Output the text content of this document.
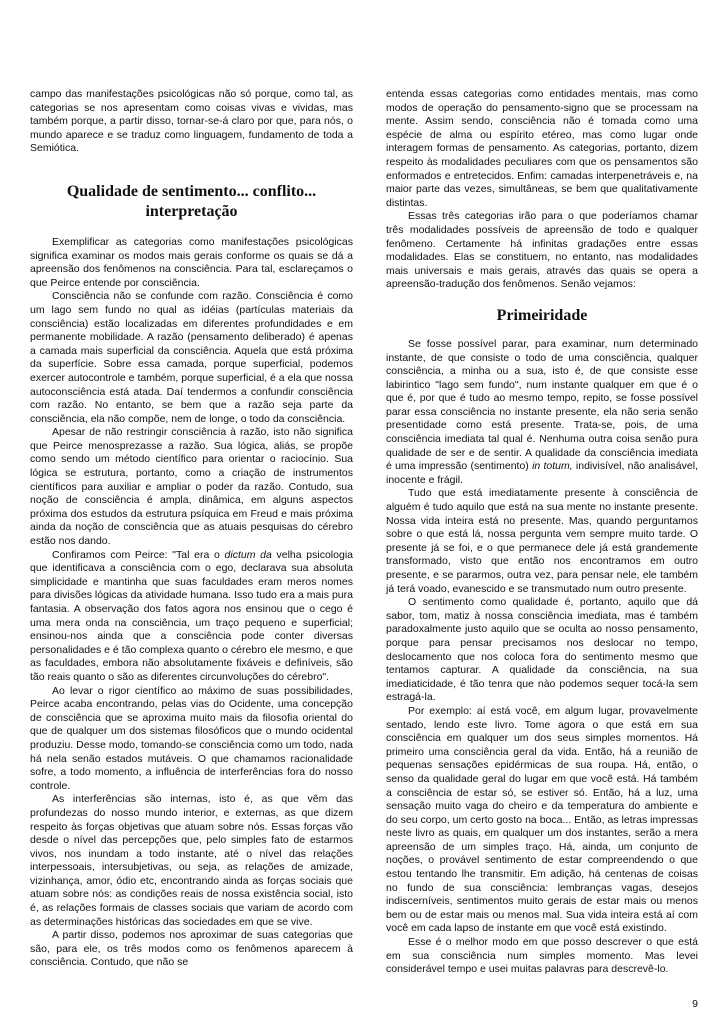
campo das manifestações psicológicas não só porque, como tal, as categorias se nos apresentam como coisas vivas e vividas, mas também porque, a partir disso, tornar-se-á claro por que, para nós, o mundo aparece e se traduz como linguagem, fundamento de toda a Semiótica.

Qualidade de sentimento... conflito... interpretação

Exemplificar as categorias como manifestações psicológicas significa examinar os modos mais gerais conforme os quais se dá a apreensão dos fenômenos na consciência. Para tal, esclareçamos o que Peirce entende por consciência.

Consciência não se confunde com razão. Consciência é como um lago sem fundo no qual as idéias (partículas materiais da consciência) estão localizadas em diferentes profundidades e em permanente mobilidade. A razão (pensamento deliberado) é apenas a camada mais superficial da consciência. Aquela que está próxima da superfície. Sobre essa camada, porque superficial, podemos exercer autocontrole e também, porque superficial, é a ela que nossa autoconsciência está atada. Daí tendermos a confundir consciência com razão. No entanto, se bem que a razão seja parte da consciência, ela não compõe, nem de longe, o todo da consciência.

Apesar de não restringir consciência à razão, isto não significa que Peirce menosprezasse a razão. Sua lógica, aliás, se propõe como sendo um método científico para orientar o raciocínio. Sua lógica se estrutura, portanto, como a criação de instrumentos científicos para auxiliar e ampliar o poder da razão. Contudo, sua noção de consciência é ampla, dinâmica, em alguns aspectos próxima dos estudos da estrutura psíquica em Freud e mais próxima ainda da noção de consciência que as atuais pesquisas do cérebro estão nos dando.

Confiramos com Peirce: "Tal era o dictum da velha psicologia que identificava a consciência com o ego, declarava sua absoluta simplicidade e mantinha que suas faculdades eram meros nomes para divisões lógicas da atividade humana. Isso tudo era a mais pura fantasia. A observação dos fatos agora nos ensinou que o cego é uma mera onda na consciência, um traço pequeno e superficial; ensinou-nos ainda que a consciência pode conter diversas personalidades e é tão complexa quanto o cérebro ele mesmo, e que as faculdades, embora não absolutamente fixáveis e definíveis, são tão reais quanto o são as diferentes circunvoluções do cérebro".

Ao levar o rigor científico ao máximo de suas possibilidades, Peirce acaba encontrando, pelas vias do Ocidente, uma concepção de consciência que se aproxima muito mais da filosofia oriental do que de qualquer um dos sistemas filosóficos que o mundo ocidental produziu. Desse modo, tomando-se consciência como um todo, nada há nela senão estados mutáveis. O que chamamos racionalidade sofre, a todo momento, a influência de interferências fora do nosso controle.

As interferências são internas, isto é, as que vêm das profundezas do nosso mundo interior, e externas, as que dizem respeito às forças objetivas que atuam sobre nós. Essas forças vão desde o nível das percepções que, pelo simples fato de estarmos vivos, nos inundam a todo instante, até o nível das relações interpessoais, intersubjetivas, ou seja, as relações de amizade, vizinhança, amor, ódio etc, encontrando ainda as forças sociais que atuam sobre nós: as condições reais de nossa existência social, isto é, as relações formais de classes sociais que variam de acordo com as determinações históricas das sociedades em que se vive.

A partir disso, podemos nos aproximar de suas categorias que são, para ele, os três modos como os fenômenos aparecem à consciência. Contudo, que não se

entenda essas categorias como entidades mentais, mas como modos de operação do pensamento-signo que se processam na mente. Assim sendo, consciência não é tomada como uma espécie de alma ou espírito etéreo, mas como lugar onde interagem formas de pensamento. As categorias, portanto, dizem respeito às modalidades peculiares com que os pensamentos são enformados e entretecidos. Enfim: camadas interpenetráveis e, na maior parte das vezes, simultâneas, se bem que qualitativamente distintas.

Essas três categorias irão para o que poderíamos chamar três modalidades possíveis de apreensão de todo e qualquer fenômeno. Certamente há infinitas gradações entre essas modalidades. Elas se constituem, no entanto, nas modalidades mais universais e mais gerais, através das quais se opera a apreensão-tradução dos fenômenos. Senão vejamos:

Primeiridade

Se fosse possível parar, para examinar, num determinado instante, de que consiste o todo de uma consciência, qualquer consciência, a minha ou a sua, isto é, de que consiste esse labirintico "lago sem fundo", num instante qualquer em que é o que é, por que é tudo ao mesmo tempo, repito, se fosse possível parar essa consciência no instante presente, ela não seria senão presentidade como está presente. Trata-se, pois, de uma consciência imediata tal qual é. Nenhuma outra coisa senão pura qualidade de ser e de sentir. A qualidade da consciência imediata é uma impressão (sentimento) in totum, indivisível, não analisável, inocente e frágil.

Tudo que está imediatamente presente à consciência de alguém é tudo aquilo que está na sua mente no instante presente. Nossa vida inteira está no presente. Mas, quando perguntamos sobre o que está lá, nossa pergunta vem sempre muito tarde. O presente já se foi, e o que permanece dele já está grandemente transformado, visto que então nos encontramos em outro presente, e se pararmos, outra vez, para pensar nele, ele também já terá voado, evanescido e se transmutado num outro presente.

O sentimento como qualidade é, portanto, aquilo que dá sabor, tom, matiz à nossa consciência imediata, mas é também paradoxalmente justo aquilo que se oculta ao nosso pensamento, porque para pensar precisamos nos deslocar no tempo, deslocamento que nos coloca fora do sentimento mesmo que tentamos capturar. A qualidade da consciência, na sua imediaticidade, é tão tenra que nào podemos sequer tocá-la sem estragá-la.

Por exemplo: aí está você, em algum lugar, provavelmente sentado, lendo este livro. Tome agora o que está em sua consciência em qualquer um dos seus simples momentos. Há primeiro uma consciência geral da vida. Então, há a reunião de pequenas sensações epidérmicas de sua roupa. Há, então, o senso da qualidade geral do lugar em que você está. Há também a consciência de estar só, se estiver só. Então, há a luz, uma sensação muito vaga do cheiro e da temperatura do ambiente e do seu corpo, um certo gosto na boca... Então, as letras impressas neste livro as quais, em qualquer um dos instantes, serão a mera apreensão de um simples traço. Há, ainda, um conjunto de noções, o provável sentimento de estar compreendendo o que estou tentando lhe transmitir. Em adição, há centenas de coisas no fundo de sua consciência: lembranças vagas, desejos indiscerníveis, sentimentos muito gerais de estar mais ou menos bem ou de estar mais ou menos mal. Sua vida inteira está aí com você em cada lapso de instante em que você está existindo.

Esse é o melhor modo em que posso descrever o que está em sua consciência num simples momento. Mas levei considerável tempo e usei muitas palavras para descrevê-lo.

9
